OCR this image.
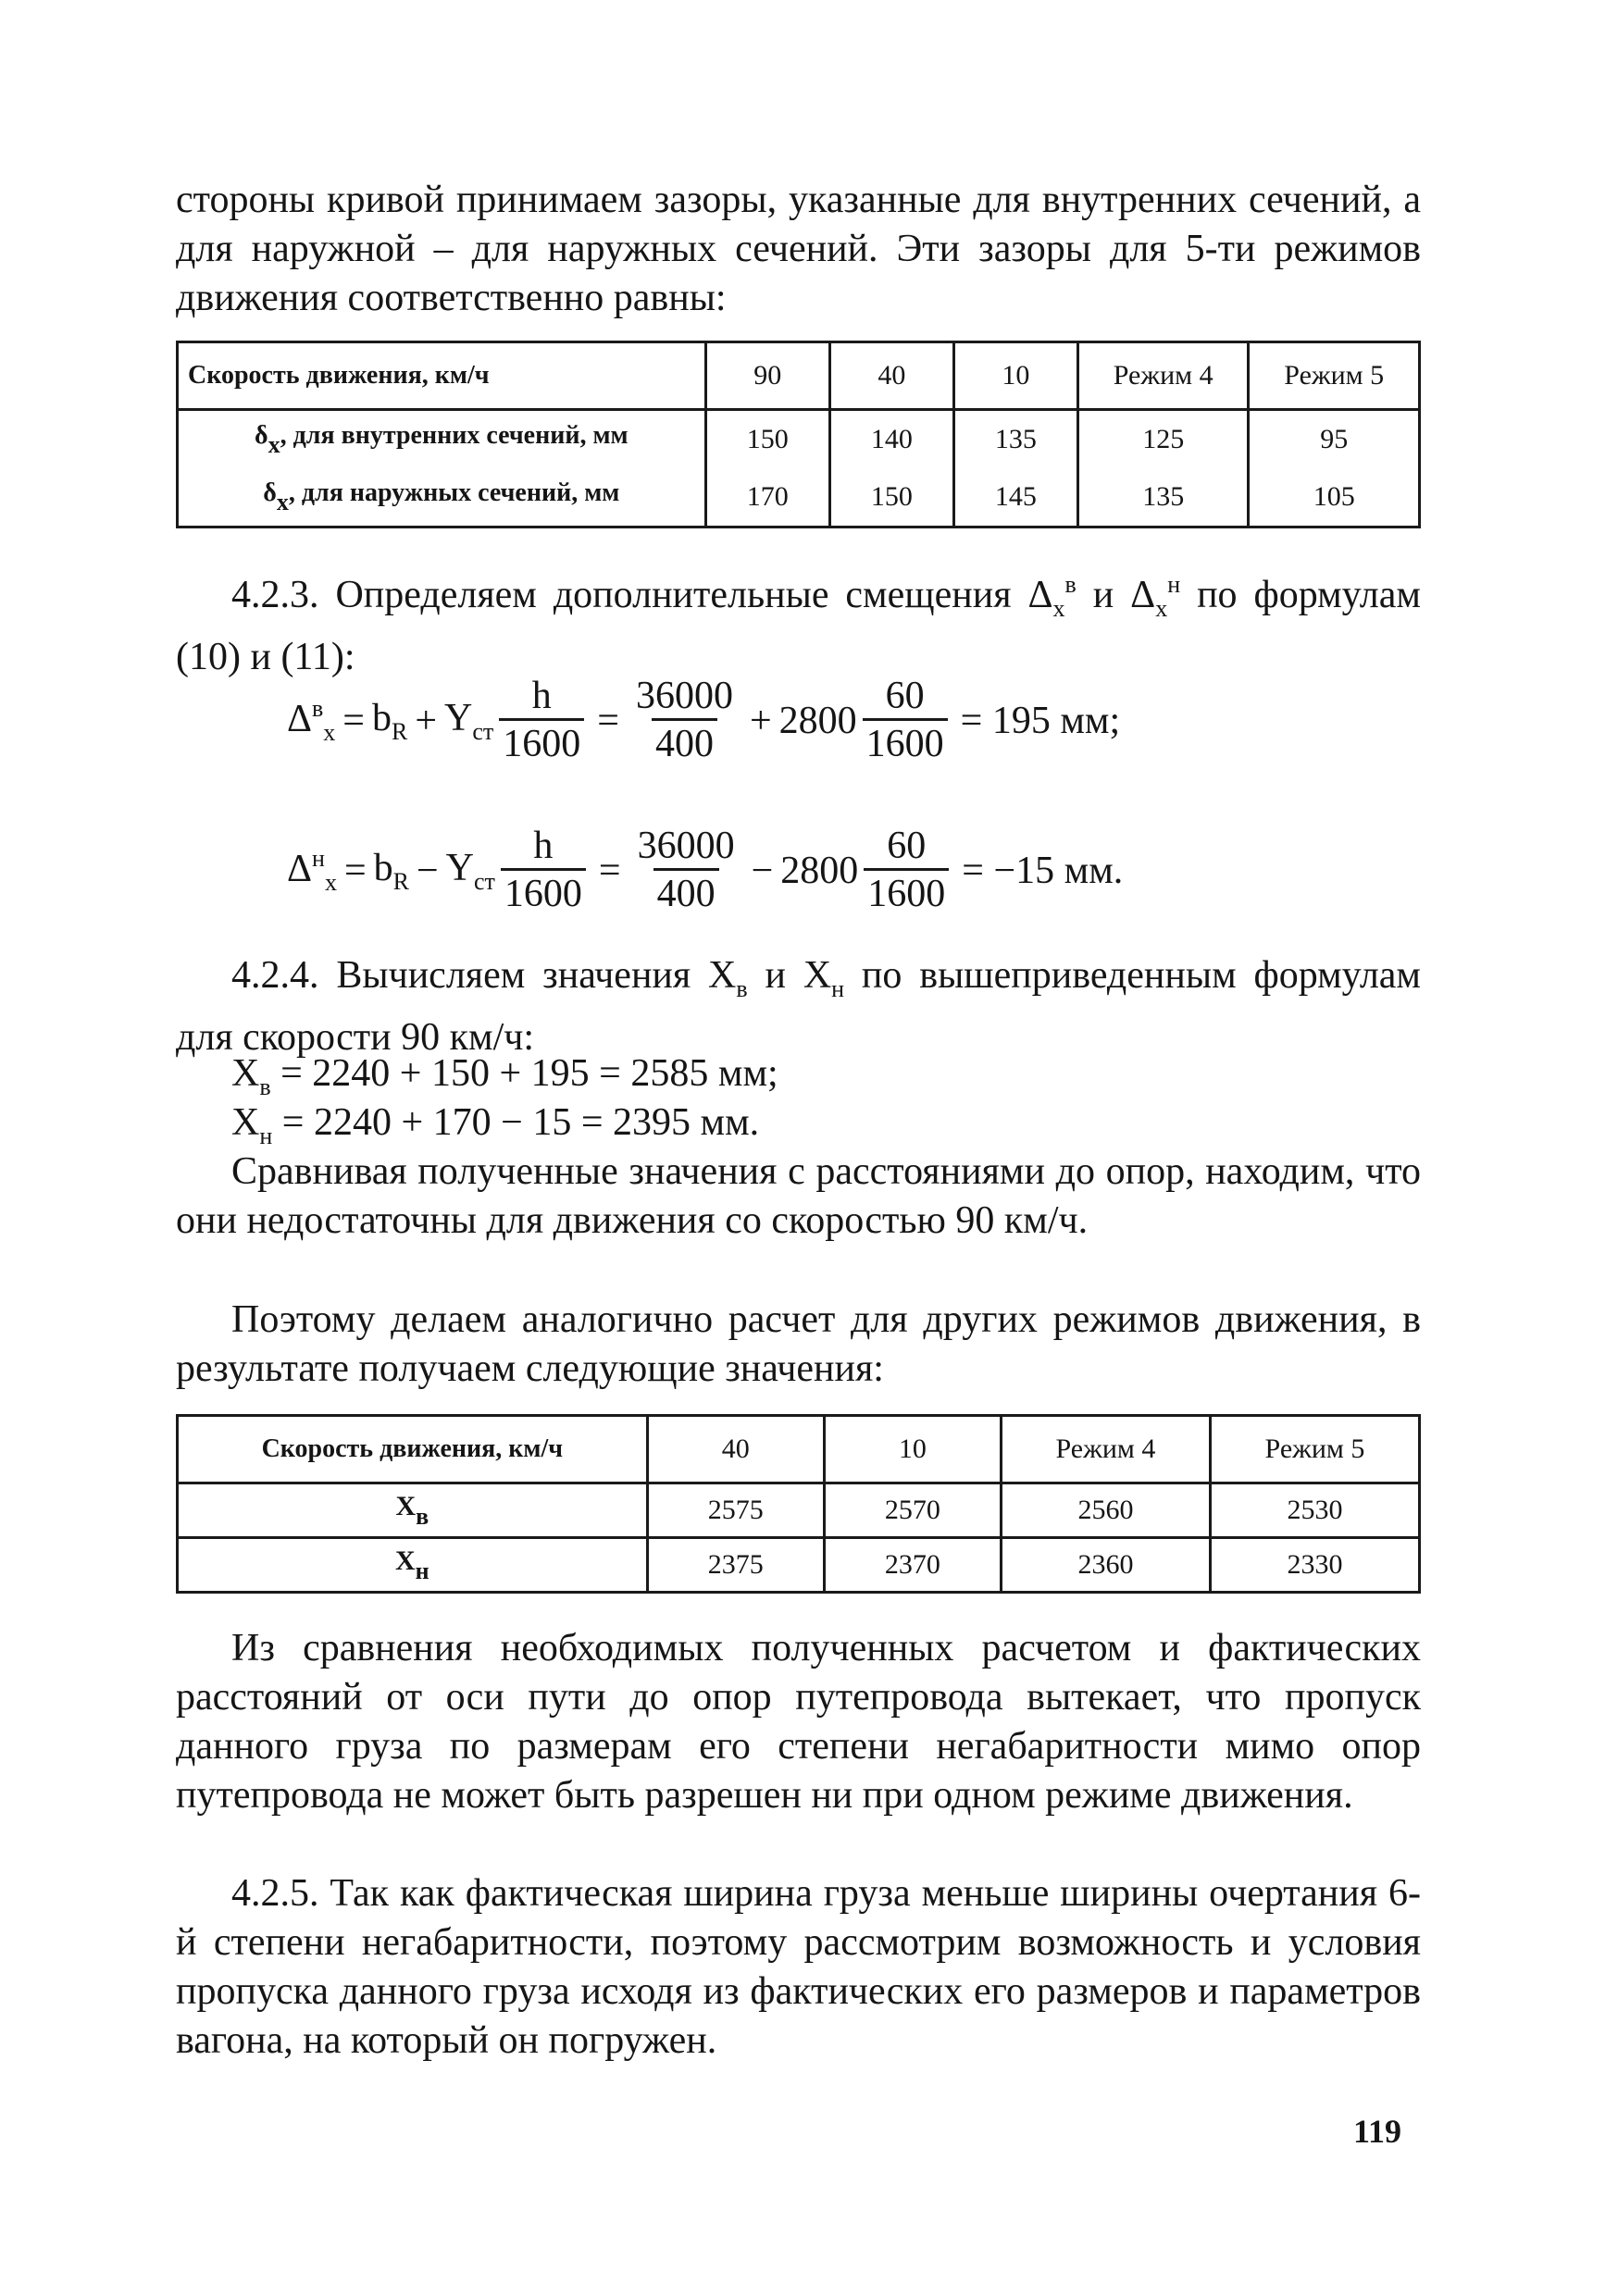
стороны кривой принимаем зазоры, указанные для внутренних сечений, а для наружной – для наружных сечений. Эти зазоры для 5-ти режимов движения соответственно равны:

Скорость движения, км/ч	90	40	10	Режим 4	Режим 5
δх, для внутренних сечений, мм	150	140	135	125	95
δх, для наружных сечений, мм	170	150	145	135	105

4.2.3. Определяем дополнительные смещения $\Delta_х^в$ и $\Delta_х^н$ по формулам (10) и (11):

$\Delta^в_x = b_R + Y_{ст} \frac{h}{1600} = \frac{36000}{400} + 2800 \frac{60}{1600} = 195$ мм;
$\Delta^н_x = b_R - Y_{ст} \frac{h}{1600} = \frac{36000}{400} - 2800 \frac{60}{1600} = -15$ мм.

4.2.4. Вычисляем значения $X_в$ и $X_н$ по вышеприведенным формулам для скорости 90 км/ч:

$X_в = 2240 + 150 + 195 = 2585$ мм;

$X_н = 2240 + 170 - 15 = 2395$ мм.

Сравнивая полученные значения с расстояниями до опор, находим, что они недостаточны для движения со скоростью 90 км/ч.

Поэтому делаем аналогично расчет для других режимов движения, в результате получаем следующие значения:

Скорость движения, км/ч	40	10	Режим 4	Режим 5
Xв	2575	2570	2560	2530
Xн	2375	2370	2360	2330

Из сравнения необходимых полученных расчетом и фактических расстояний от оси пути до опор путепровода вытекает, что пропуск данного груза по размерам его степени негабаритности мимо опор путепровода не может быть разрешен ни при одном режиме движения.

4.2.5. Так как фактическая ширина груза меньше ширины очертания 6-й степени негабаритности, поэтому рассмотрим возможность и условия пропуска данного груза исходя из фактических его размеров и параметров вагона, на который он погружен.

119
